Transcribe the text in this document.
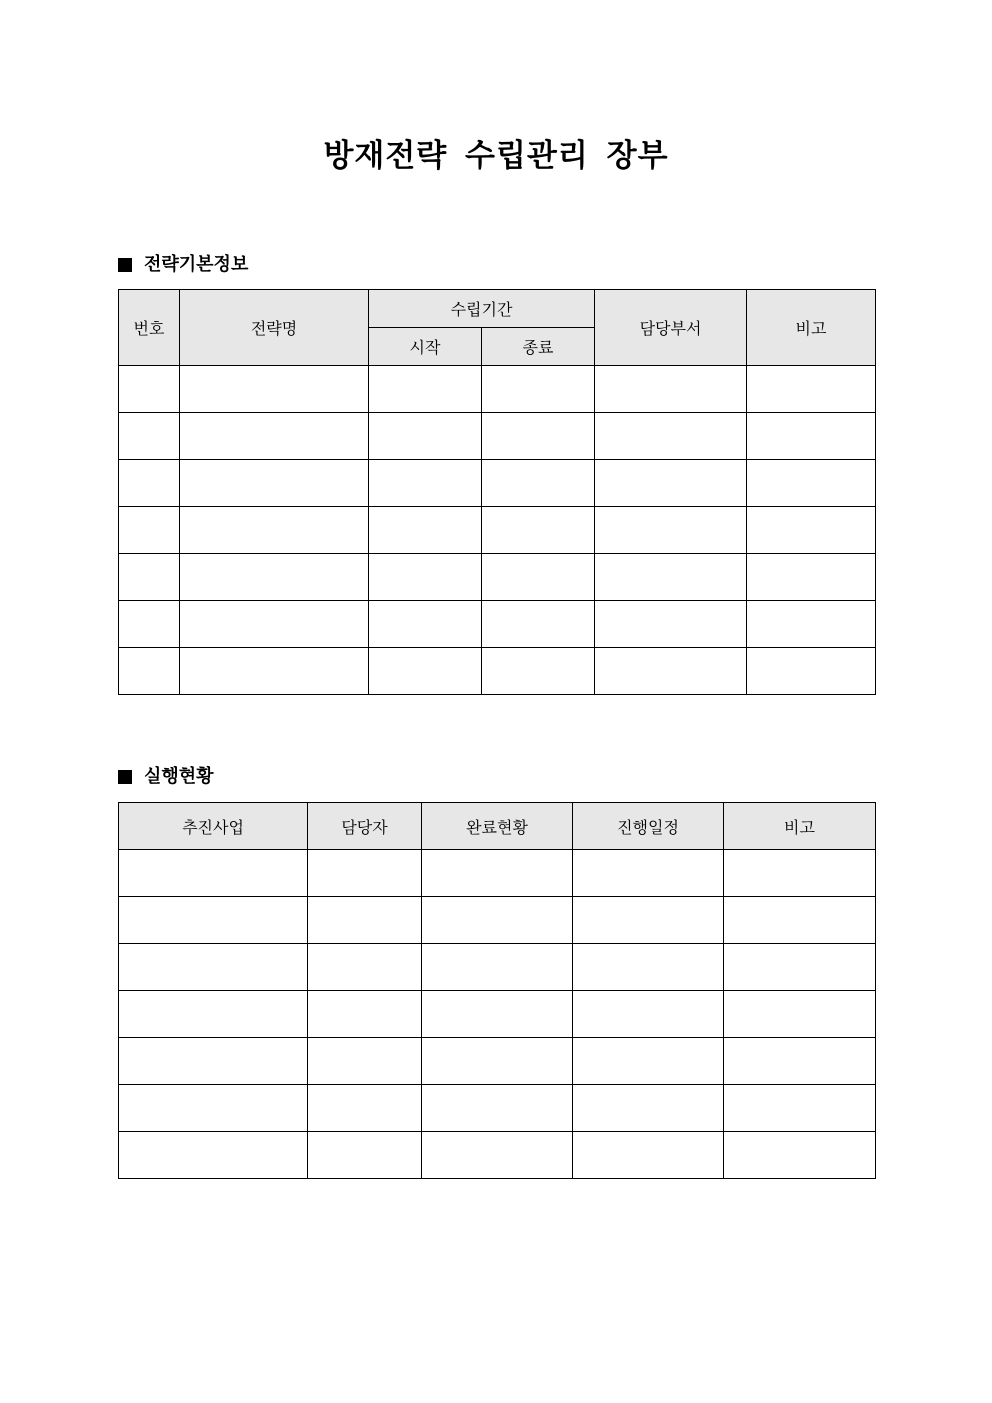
방재전략 수립관리 장부
전략기본정보
번호	전략명	수립기간		담당부서	비고
		시작	종료		

실행현황
추진사업	담당자	완료현황	진행일정	비고
